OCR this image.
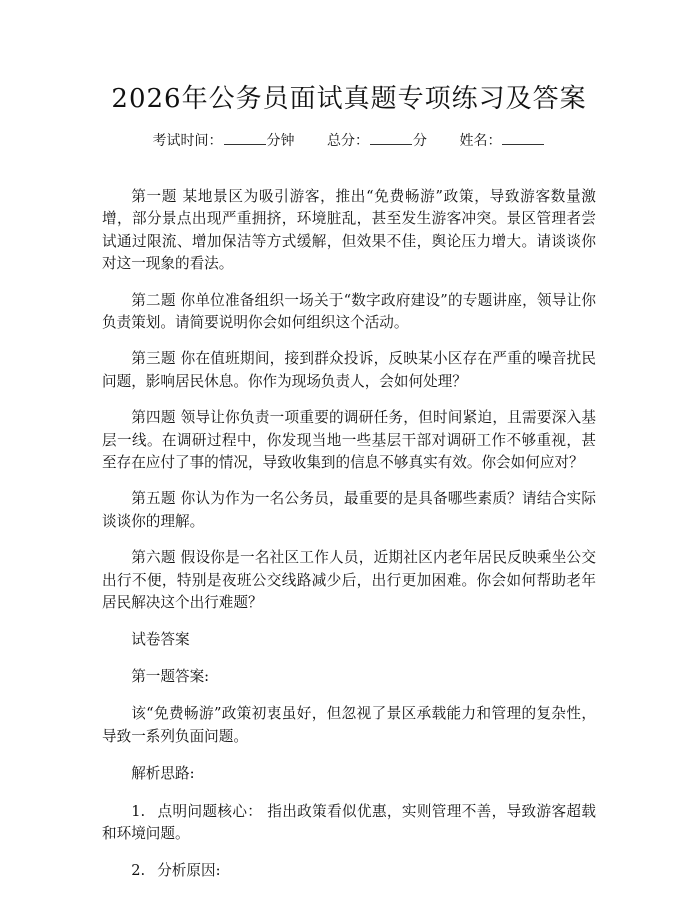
2026年公务员面试真题专项练习及答案
考试时间：	分钟 总分：	分 姓名：

第一题 某地景区为吸引游客，推出“免费畅游”政策，导致游客数量激增，部分景点出现严重拥挤，环境脏乱，甚至发生游客冲突。景区管理者尝试通过限流、增加保洁等方式缓解，但效果不佳，舆论压力增大。请谈谈你对这一现象的看法。

第二题 你单位准备组织一场关于“数字政府建设”的专题讲座，领导让你负责策划。请简要说明你会如何组织这个活动。

第三题 你在值班期间，接到群众投诉，反映某小区存在严重的噪音扰民问题，影响居民休息。你作为现场负责人，会如何处理？

第四题 领导让你负责一项重要的调研任务，但时间紧迫，且需要深入基层一线。在调研过程中，你发现当地一些基层干部对调研工作不够重视，甚至存在应付了事的情况，导致收集到的信息不够真实有效。你会如何应对？

第五题 你认为作为一名公务员，最重要的是具备哪些素质？请结合实际谈谈你的理解。

第六题 假设你是一名社区工作人员，近期社区内老年居民反映乘坐公交出行不便，特别是夜班公交线路减少后，出行更加困难。你会如何帮助老年居民解决这个出行难题？

试卷答案

第一题答案:

该“免费畅游”政策初衷虽好，但忽视了景区承载能力和管理的复杂性，导致一系列负面问题。

解析思路:

1. 点明问题核心： 指出政策看似优惠，实则管理不善，导致游客超载和环境问题。

2. 分析原因:
